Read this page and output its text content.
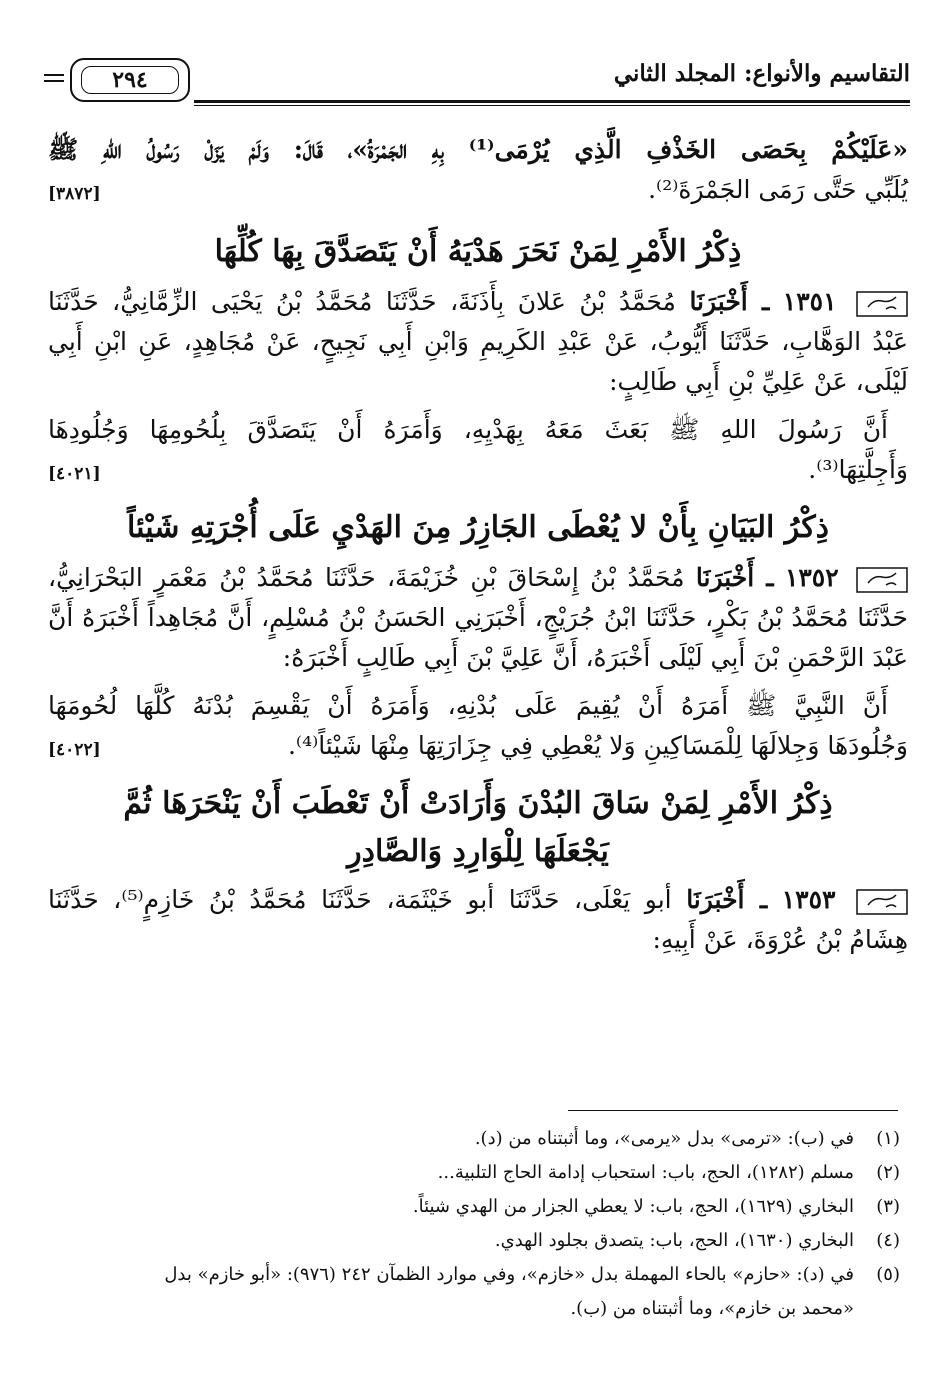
التقاسيم والأنواع: المجلد الثاني
٢٩٤
«عَلَيْكُمْ بِحَصَى الخَذْفِ الَّذِي يُرْمَى⁽¹⁾ بِهِ الجَمْرَةُ»، قَالَ: وَلَمْ يَزَلْ رَسُولُ اللهِ ﷺ
يُلَبِّي حَتَّى رَمَى الجَمْرَةَ⁽²⁾.
[٣٨٧٢]
ذِكْرُ الأَمْرِ لِمَنْ نَحَرَ هَدْيَهُ أَنْ يَتَصَدَّقَ بِهَا كُلِّهَا
١٣٥١ ـ أَخْبَرَنَا مُحَمَّدُ بْنُ عَلانَ بِأَذَنَةَ، حَدَّثَنَا مُحَمَّدُ بْنُ يَحْيَى الزِّمَّانِيُّ، حَدَّثَنَا
عَبْدُ الوَهَّابِ، حَدَّثَنَا أَيُّوبُ، عَنْ عَبْدِ الكَرِيمِ وَابْنِ أَبِي نَجِيحٍ، عَنْ مُجَاهِدٍ، عَنِ ابْنِ أَبِي
لَيْلَى، عَنْ عَلِيِّ بْنِ أَبِي طَالِبٍ:
أَنَّ رَسُولَ اللهِ ﷺ بَعَثَ مَعَهُ بِهَدْيِهِ، وَأَمَرَهُ أَنْ يَتَصَدَّقَ بِلُحُومِهَا وَجُلُودِهَا
وَأَجِلَّتِهَا⁽³⁾.
[٤٠٢١]
ذِكْرُ البَيَانِ بِأَنْ لا يُعْطَى الجَازِرُ مِنَ الهَدْيِ عَلَى أُجْرَتِهِ شَيْئاً
١٣٥٢ ـ أَخْبَرَنَا مُحَمَّدُ بْنُ إِسْحَاقَ بْنِ خُزَيْمَةَ، حَدَّثَنَا مُحَمَّدُ بْنُ مَعْمَرٍ البَحْرَانِيُّ،
حَدَّثَنَا مُحَمَّدُ بْنُ بَكْرٍ، حَدَّثَنَا ابْنُ جُرَيْجٍ، أَخْبَرَنِي الحَسَنُ بْنُ مُسْلِمٍ، أَنَّ مُجَاهِداً أَخْبَرَهُ أَنَّ
عَبْدَ الرَّحْمَنِ بْنَ أَبِي لَيْلَى أَخْبَرَهُ، أَنَّ عَلِيَّ بْنَ أَبِي طَالِبٍ أَخْبَرَهُ:
أَنَّ النَّبِيَّ ﷺ أَمَرَهُ أَنْ يُقِيمَ عَلَى بُدْنِهِ، وَأَمَرَهُ أَنْ يَقْسِمَ بُدْنَهُ كُلَّهَا لُحُومَهَا
وَجُلُودَهَا وَجِلالَهَا لِلْمَسَاكِينِ وَلا يُعْطِي فِي جِزَارَتِهَا مِنْهَا شَيْئاً⁽⁴⁾.
[٤٠٢٢]
ذِكْرُ الأَمْرِ لِمَنْ سَاقَ البُدْنَ وَأَرَادَتْ أَنْ تَعْطَبَ أَنْ يَنْحَرَهَا ثُمَّ
يَجْعَلَهَا لِلْوَارِدِ وَالصَّادِرِ
١٣٥٣ ـ أَخْبَرَنَا أبو يَعْلَى، حَدَّثَنَا أبو خَيْثَمَة، حَدَّثَنَا مُحَمَّدُ بْنُ خَازِمٍ⁽⁵⁾، حَدَّثَنَا
هِشَامُ بْنُ عُرْوَةَ، عَنْ أَبِيهِ:
(١)
في (ب): «ترمى» بدل «يرمى»، وما أثبتناه من (د).
(٢)
مسلم (١٢٨٢)، الحج، باب: استحباب إدامة الحاج التلبية...
(٣)
البخاري (١٦٢٩)، الحج، باب: لا يعطي الجزار من الهدي شيئاً.
(٤)
البخاري (١٦٣٠)، الحج، باب: يتصدق بجلود الهدي.
(٥)
في (د): «حازم» بالحاء المهملة بدل «خازم»، وفي موارد الظمآن ٢٤٢ (٩٧٦): «أبو خازم» بدل
«محمد بن خازم»، وما أثبتناه من (ب).
